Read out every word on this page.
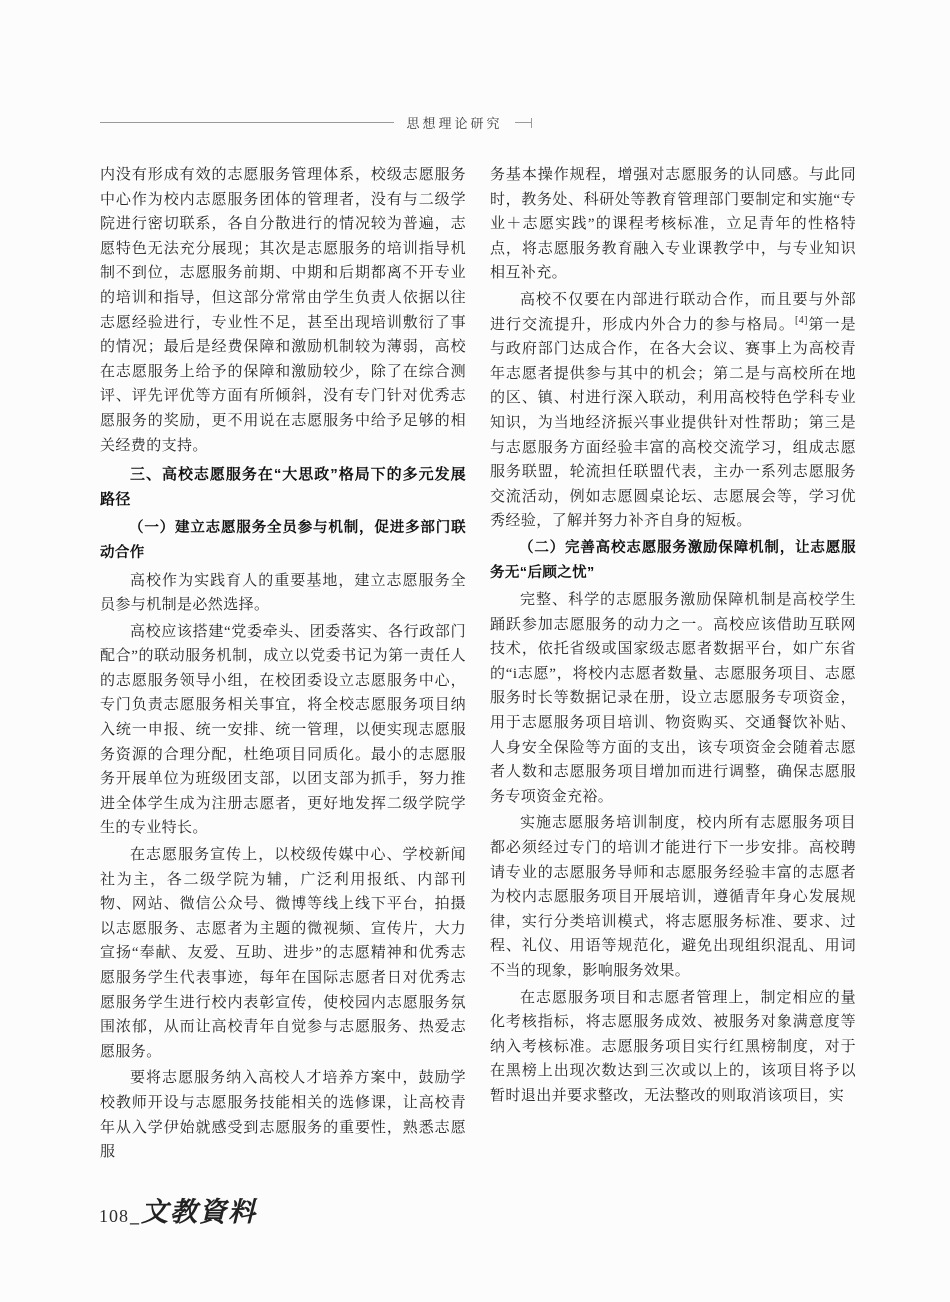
思想理论研究

内没有形成有效的志愿服务管理体系，校级志愿服务中心作为校内志愿服务团体的管理者，没有与二级学院进行密切联系，各自分散进行的情况较为普遍，志愿特色无法充分展现；其次是志愿服务的培训指导机制不到位，志愿服务前期、中期和后期都离不开专业的培训和指导，但这部分常常由学生负责人依据以往志愿经验进行，专业性不足，甚至出现培训敷衍了事的情况；最后是经费保障和激励机制较为薄弱，高校在志愿服务上给予的保障和激励较少，除了在综合测评、评先评优等方面有所倾斜，没有专门针对优秀志愿服务的奖励，更不用说在志愿服务中给予足够的相关经费的支持。

三、高校志愿服务在“大思政”格局下的多元发展路径
（一）建立志愿服务全员参与机制，促进多部门联动合作

高校作为实践育人的重要基地，建立志愿服务全员参与机制是必然选择。

高校应该搭建“党委牵头、团委落实、各行政部门配合”的联动服务机制，成立以党委书记为第一责任人的志愿服务领导小组，在校团委设立志愿服务中心，专门负责志愿服务相关事宜，将全校志愿服务项目纳入统一申报、统一安排、统一管理，以便实现志愿服务资源的合理分配，杜绝项目同质化。最小的志愿服务开展单位为班级团支部，以团支部为抓手，努力推进全体学生成为注册志愿者，更好地发挥二级学院学生的专业特长。

在志愿服务宣传上，以校级传媒中心、学校新闻社为主，各二级学院为辅，广泛利用报纸、内部刊物、网站、微信公众号、微博等线上线下平台，拍摄以志愿服务、志愿者为主题的微视频、宣传片，大力宣扬“奉献、友爱、互助、进步”的志愿精神和优秀志愿服务学生代表事迹，每年在国际志愿者日对优秀志愿服务学生进行校内表彰宣传，使校园内志愿服务氛围浓郁，从而让高校青年自觉参与志愿服务、热爱志愿服务。

要将志愿服务纳入高校人才培养方案中，鼓励学校教师开设与志愿服务技能相关的选修课，让高校青年从入学伊始就感受到志愿服务的重要性，熟悉志愿服

务基本操作规程，增强对志愿服务的认同感。与此同时，教务处、科研处等教育管理部门要制定和实施“专业＋志愿实践”的课程考核标准，立足青年的性格特点，将志愿服务教育融入专业课教学中，与专业知识相互补充。

高校不仅要在内部进行联动合作，而且要与外部进行交流提升，形成内外合力的参与格局。[4]第一是与政府部门达成合作，在各大会议、赛事上为高校青年志愿者提供参与其中的机会；第二是与高校所在地的区、镇、村进行深入联动，利用高校特色学科专业知识，为当地经济振兴事业提供针对性帮助；第三是与志愿服务方面经验丰富的高校交流学习，组成志愿服务联盟，轮流担任联盟代表，主办一系列志愿服务交流活动，例如志愿圆桌论坛、志愿展会等，学习优秀经验，了解并努力补齐自身的短板。

（二）完善高校志愿服务激励保障机制，让志愿服务无“后顾之忧”

完整、科学的志愿服务激励保障机制是高校学生踊跃参加志愿服务的动力之一。高校应该借助互联网技术，依托省级或国家级志愿者数据平台，如广东省的“i志愿”，将校内志愿者数量、志愿服务项目、志愿服务时长等数据记录在册，设立志愿服务专项资金，用于志愿服务项目培训、物资购买、交通餐饮补贴、人身安全保险等方面的支出，该专项资金会随着志愿者人数和志愿服务项目增加而进行调整，确保志愿服务专项资金充裕。

实施志愿服务培训制度，校内所有志愿服务项目都必须经过专门的培训才能进行下一步安排。高校聘请专业的志愿服务导师和志愿服务经验丰富的志愿者为校内志愿服务项目开展培训，遵循青年身心发展规律，实行分类培训模式，将志愿服务标准、要求、过程、礼仪、用语等规范化，避免出现组织混乱、用词不当的现象，影响服务效果。

在志愿服务项目和志愿者管理上，制定相应的量化考核指标，将志愿服务成效、被服务对象满意度等纳入考核标准。志愿服务项目实行红黑榜制度，对于在黑榜上出现次数达到三次或以上的，该项目将予以暂时退出并要求整改，无法整改的则取消该项目，实

108 _ 文教資料
